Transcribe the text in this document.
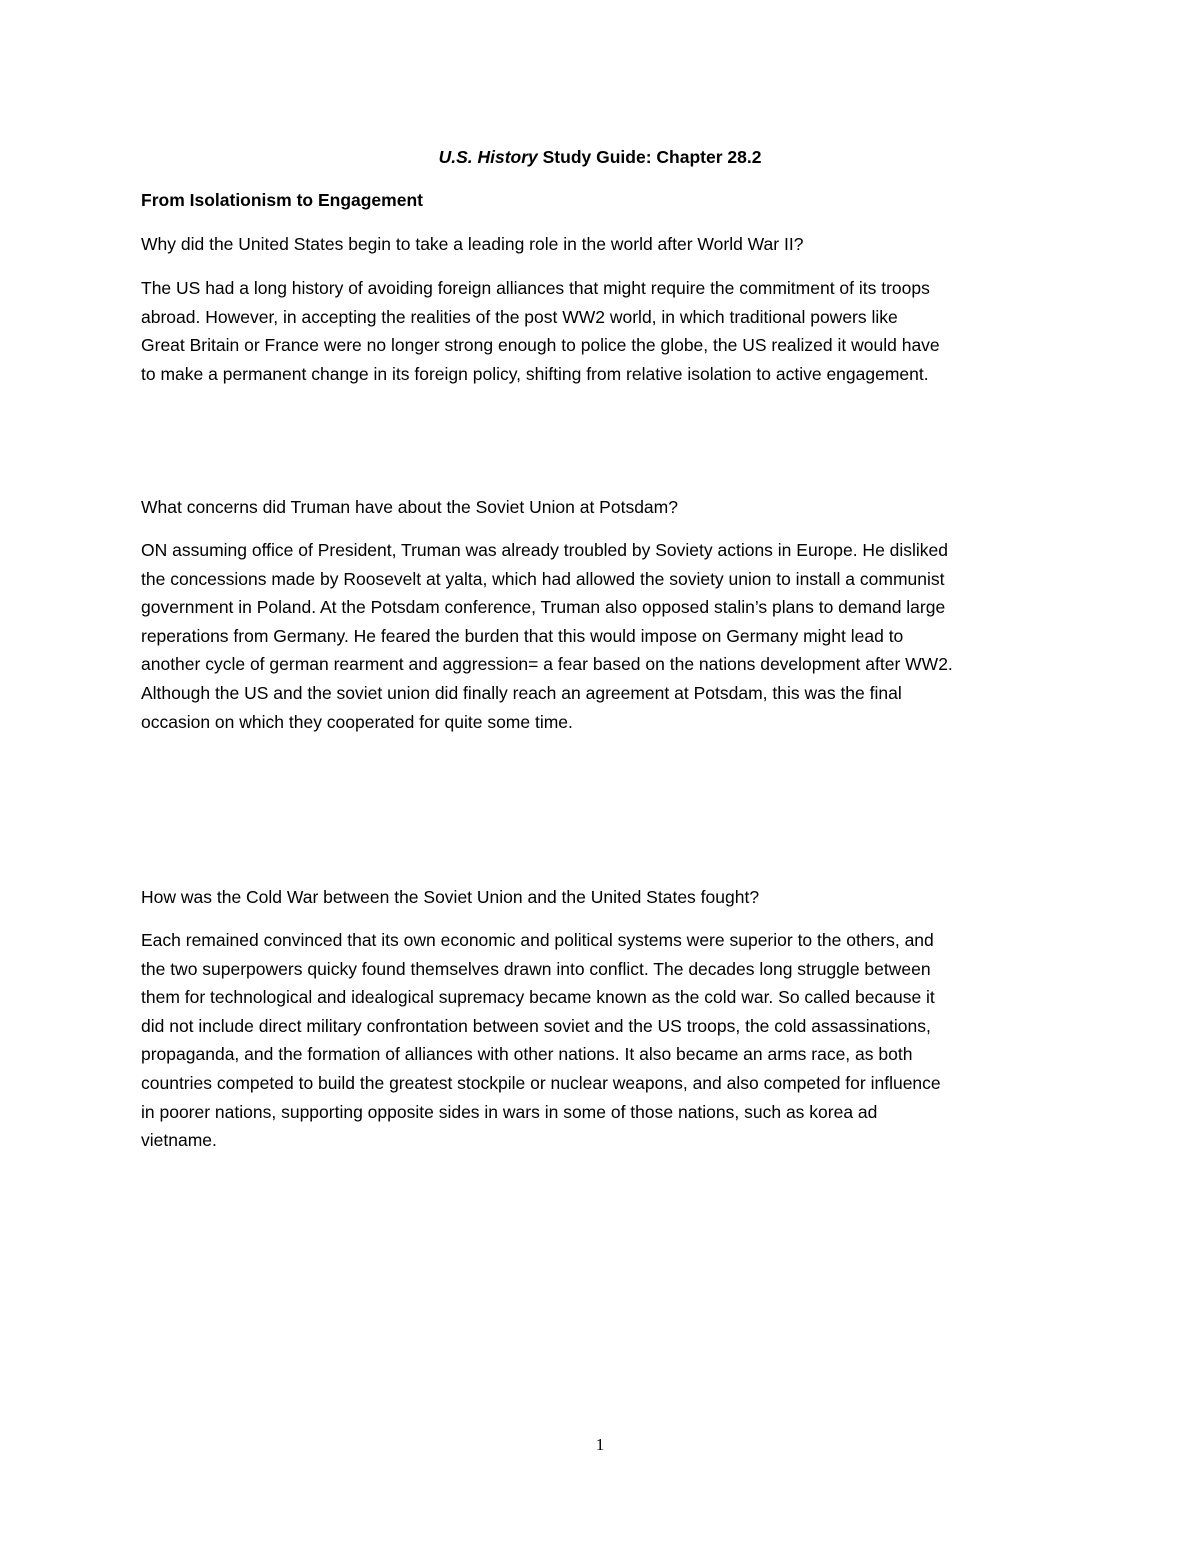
U.S. History Study Guide: Chapter 28.2
From Isolationism to Engagement
Why did the United States begin to take a leading role in the world after World War II?
The US had a long history of avoiding foreign alliances that might require the commitment of its troops
abroad. However, in accepting the realities of the post WW2 world, in which traditional powers like
Great Britain or France were no longer strong enough to police the globe, the US realized it would have
to make a permanent change in its foreign policy, shifting from relative isolation to active engagement.
What concerns did Truman have about the Soviet Union at Potsdam?
ON assuming office of President, Truman was already troubled by Soviety actions in Europe. He disliked
the concessions made by Roosevelt at yalta, which had allowed the soviety union to install a communist
government in Poland. At the Potsdam conference, Truman also opposed stalin’s plans to demand large
reperations from Germany. He feared the burden that this would impose on Germany might lead to
another cycle of german rearment and aggression= a fear based on the nations development after WW2.
Although the US and the soviet union did finally reach an agreement at Potsdam, this was the final
occasion on which they cooperated for quite some time.
How was the Cold War between the Soviet Union and the United States fought?
Each remained convinced that its own economic and political systems were superior to the others, and
the two superpowers quicky found themselves drawn into conflict. The decades long struggle between
them for technological and idealogical supremacy became known as the cold war. So called because it
did not include direct military confrontation between soviet and the US troops, the cold assassinations,
propaganda, and the formation of alliances with other nations. It also became an arms race, as both
countries competed to build the greatest stockpile or nuclear weapons, and also competed for influence
in poorer nations, supporting opposite sides in wars in some of those nations, such as korea ad
vietname.
1
